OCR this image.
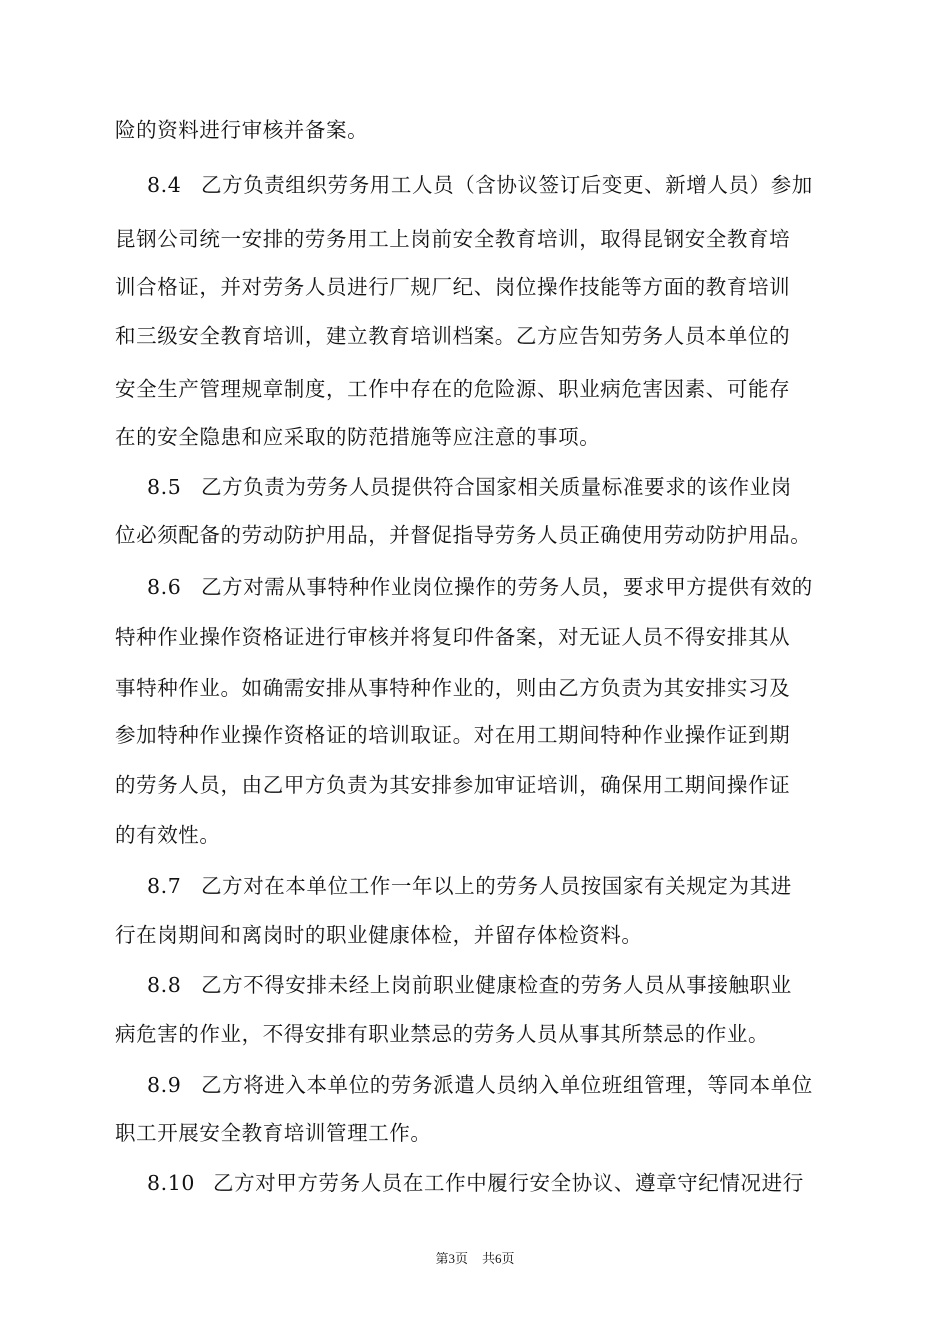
险的资料进行审核并备案。
8.4 乙方负责组织劳务用工人员（含协议签订后变更、新增人员）参加
昆钢公司统一安排的劳务用工上岗前安全教育培训，取得昆钢安全教育培
训合格证，并对劳务人员进行厂规厂纪、岗位操作技能等方面的教育培训
和三级安全教育培训，建立教育培训档案。乙方应告知劳务人员本单位的
安全生产管理规章制度，工作中存在的危险源、职业病危害因素、可能存
在的安全隐患和应采取的防范措施等应注意的事项。
8.5 乙方负责为劳务人员提供符合国家相关质量标准要求的该作业岗
位必须配备的劳动防护用品，并督促指导劳务人员正确使用劳动防护用品。
8.6 乙方对需从事特种作业岗位操作的劳务人员，要求甲方提供有效的
特种作业操作资格证进行审核并将复印件备案，对无证人员不得安排其从
事特种作业。如确需安排从事特种作业的，则由乙方负责为其安排实习及
参加特种作业操作资格证的培训取证。对在用工期间特种作业操作证到期
的劳务人员，由乙甲方负责为其安排参加审证培训，确保用工期间操作证
的有效性。
8.7 乙方对在本单位工作一年以上的劳务人员按国家有关规定为其进
行在岗期间和离岗时的职业健康体检，并留存体检资料。
8.8 乙方不得安排未经上岗前职业健康检查的劳务人员从事接触职业
病危害的作业，不得安排有职业禁忌的劳务人员从事其所禁忌的作业。
8.9 乙方将进入本单位的劳务派遣人员纳入单位班组管理，等同本单位
职工开展安全教育培训管理工作。
8.10 乙方对甲方劳务人员在工作中履行安全协议、遵章守纪情况进行
第3页 共6页
